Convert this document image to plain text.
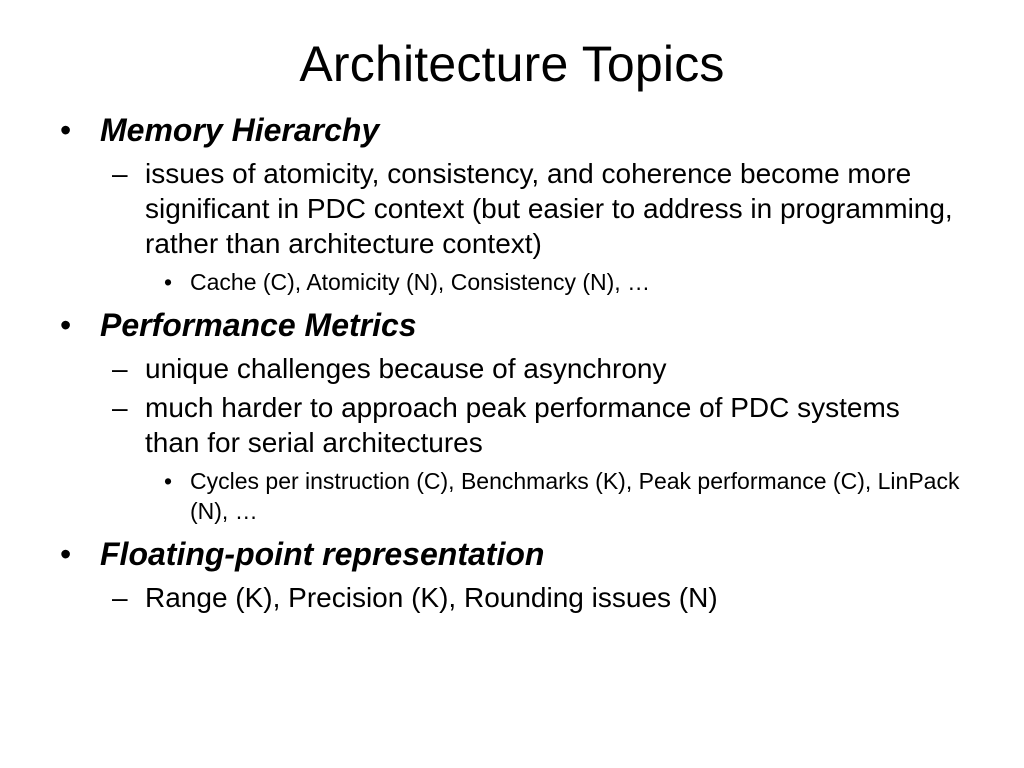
Architecture Topics
• Memory Hierarchy
– issues of atomicity, consistency, and coherence become more significant in PDC context (but easier to address in programming, rather than architecture context)
• Cache (C), Atomicity (N), Consistency (N), …
• Performance Metrics
– unique challenges because of asynchrony
– much harder to approach peak performance of PDC systems than for serial architectures
• Cycles per instruction (C), Benchmarks (K), Peak performance (C), LinPack (N), …
• Floating-point representation
– Range (K), Precision (K), Rounding issues (N)
